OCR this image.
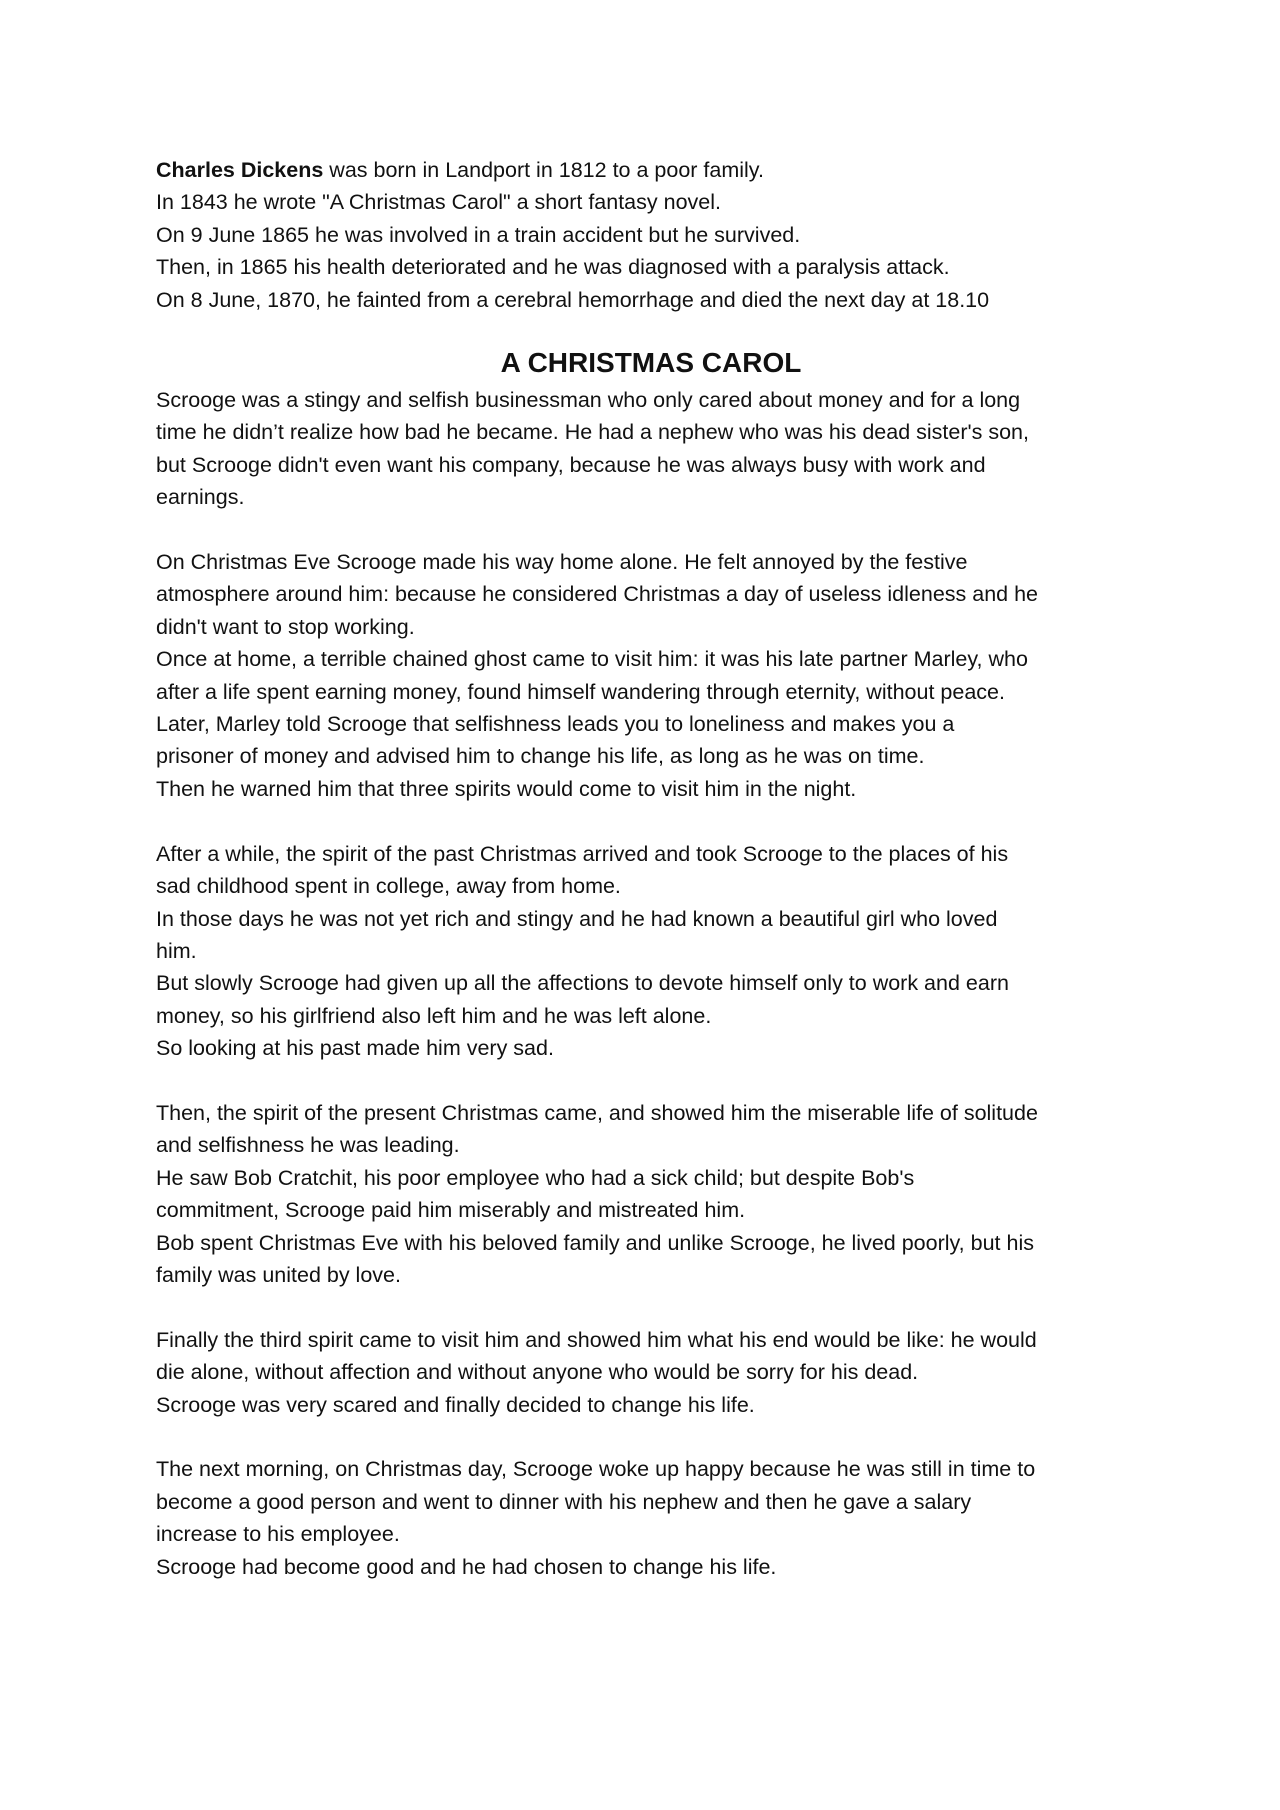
Charles Dickens was born in Landport in 1812 to a poor family.
In 1843 he wrote "A Christmas Carol" a short fantasy novel.
On 9 June 1865 he was involved in a train accident but he survived.
Then, in 1865 his health deteriorated and he was diagnosed with a paralysis attack.
On 8 June, 1870, he fainted from a cerebral hemorrhage and died the next day at 18.10
A CHRISTMAS CAROL
Scrooge was a stingy and selfish businessman who only cared about money and for a long
time he didn’t realize how bad he became. He had a nephew who was his dead sister's son,
but Scrooge didn't even want his company, because he was always busy with work and
earnings.
On Christmas Eve Scrooge made his way home alone. He felt annoyed by the festive
atmosphere around him: because he considered Christmas a day of useless idleness and he
didn't want to stop working.
Once at home, a terrible chained ghost came to visit him: it was his late partner Marley, who
after a life spent earning money, found himself wandering through eternity, without peace.
Later, Marley told Scrooge that selfishness leads you to loneliness and makes you a
prisoner of money and advised him to change his life, as long as he was on time.
Then he warned him that three spirits would come to visit him in the night.
After a while, the spirit of the past Christmas arrived and took Scrooge to the places of his
sad childhood spent in college, away from home.
In those days he was not yet rich and stingy and he had known a beautiful girl who loved
him.
But slowly Scrooge had given up all the affections to devote himself only to work and earn
money, so his girlfriend also left him and he was left alone.
So looking at his past made him very sad.
Then, the spirit of the present Christmas came, and showed him the miserable life of solitude
and selfishness he was leading.
He saw Bob Cratchit, his poor employee who had a sick child; but despite Bob's
commitment, Scrooge paid him miserably and mistreated him.
Bob spent Christmas Eve with his beloved family and unlike Scrooge, he lived poorly, but his
family was united by love.
Finally the third spirit came to visit him and showed him what his end would be like: he would
die alone, without affection and without anyone who would be sorry for his dead.
Scrooge was very scared and finally decided to change his life.
The next morning, on Christmas day, Scrooge woke up happy because he was still in time to
become a good person and went to dinner with his nephew and then he gave a salary
increase to his employee.
Scrooge had become good and he had chosen to change his life.
